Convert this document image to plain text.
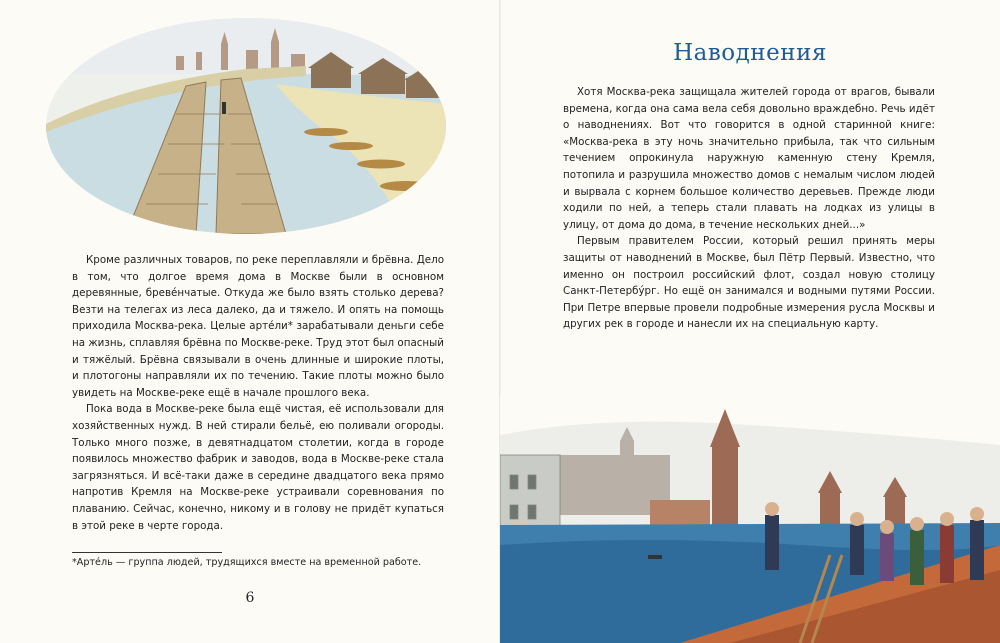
Кроме различных товаров, по реке переплавляли и брёвна. Дело в том, что долгое время дома в Москве были в основном деревянные, бревéнчатые. Откуда же было взять столько дерева? Везти на телегах из леса далеко, да и тяжело. И опять на помощь приходила Москва-река. Целые артéли* зарабатывали деньги себе на жизнь, сплавляя брёвна по Москве-реке. Труд этот был опасный и тяжёлый. Брёвна связывали в очень длинные и широкие плоты, и плотогоны направляли их по течению. Такие плоты можно было увидеть на Москве-реке ещё в начале прошлого века.

Пока вода в Москве-реке была ещё чистая, её использовали для хозяйственных нужд. В ней стирали бельё, ею поливали огороды. Только много позже, в девятнадцатом столетии, когда в городе появилось множество фабрик и заводов, вода в Москве-реке стала загрязняться. И всё-таки даже в середине двадцатого века прямо напротив Кремля на Москве-реке устраивали соревнования по плаванию. Сейчас, конечно, никому и в голову не придёт купаться в этой реке в черте города.

*Артéль — группа людей, трудящихся вместе на временной работе.
6
Наводнения

Хотя Москва-река защищала жителей города от врагов, бывали времена, когда она сама вела себя довольно враждебно. Речь идёт о наводнениях. Вот что говорится в одной старинной книге: «Москва-река в эту ночь значительно прибыла, так что сильным течением опрокинула наружную каменную стену Кремля, потопила и разрушила множество домов с немалым числом людей и вырвала с корнем большое количество деревьев. Прежде люди ходили по ней, а теперь стали плавать на лодках из улицы в улицу, от дома до дома, в течение нескольких дней...»

Первым правителем России, который решил принять меры защиты от наводнений в Москве, был Пётр Первый. Известно, что именно он построил российский флот, создал новую столицу Санкт-Петербýрг. Но ещё он занимался и водными путями России. При Петре впервые провели подробные измерения русла Москвы и других рек в городе и нанесли их на специальную карту.
